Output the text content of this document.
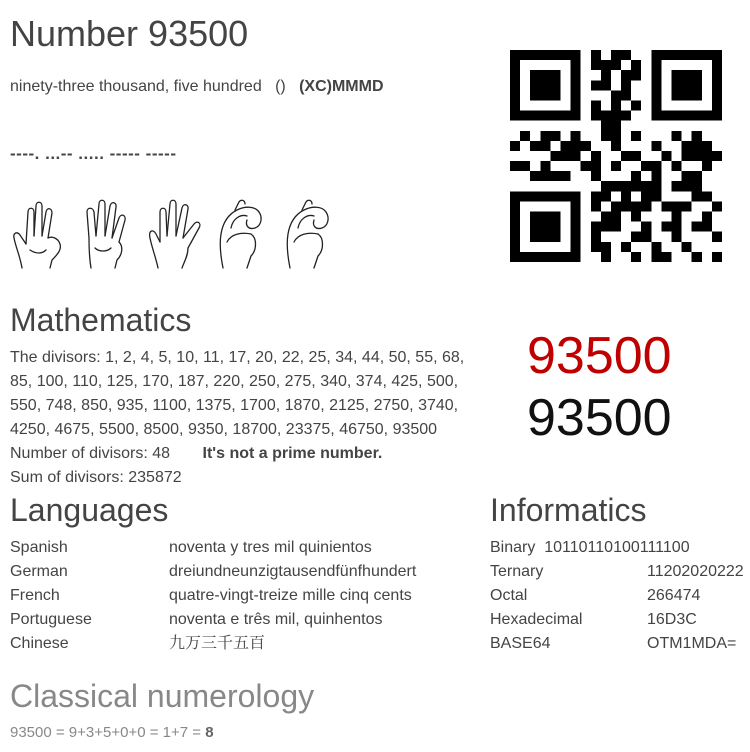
Number 93500
ninety-three thousand, five hundred () (XC)MMMD
----. ...-- ..... ----- -----
Mathematics
The divisors: 1, 2, 4, 5, 10, 11, 17, 20, 22, 25, 34, 44, 50, 55, 68,
85, 100, 110, 125, 170, 187, 220, 250, 275, 340, 374, 425, 500,
550, 748, 850, 935, 1100, 1375, 1700, 1870, 2125, 2750, 3740,
4250, 4675, 5500, 8500, 9350, 18700, 23375, 46750, 93500
Number of divisors: 48 It's not a prime number.
Sum of divisors: 235872
93500
93500
Languages
Spanish	noventa y tres mil quinientos
German	dreiundneunzigtausendfünfhundert
French	quatre-vingt-treize mille cinq cents
Portuguese	noventa e três mil, quinhentos
Chinese	九万三千五百
Informatics
Binary 10110110100111100
Ternary	11202020222
Octal	266474
Hexadecimal	16D3C
BASE64	OTM1MDA=
Classical numerology
93500 = 9+3+5+0+0 = 1+7 = 8
